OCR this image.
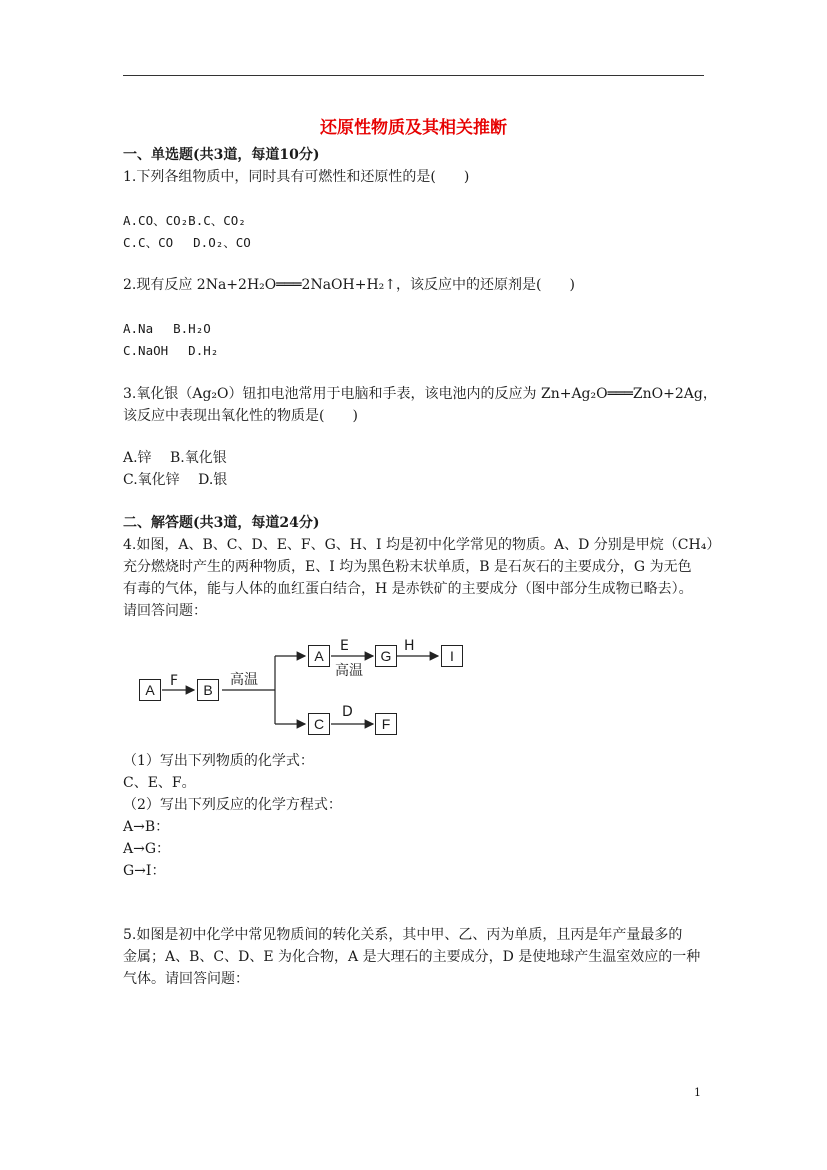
还原性物质及其相关推断
一、单选题(共3道，每道10分)
1.下列各组物质中，同时具有可燃性和还原性的是(　　)
A.CO、CO₂B.C、CO₂
C.C、CO　 D.O₂、CO
2.现有反应 2Na+2H₂O═══2NaOH+H₂↑，该反应中的还原剂是(　　)
A.Na　 B.H₂O
C.NaOH　 D.H₂
3.氧化银（Ag₂O）钮扣电池常用于电脑和手表，该电池内的反应为 Zn+Ag₂O═══ZnO+2Ag，
该反应中表现出氧化性的物质是(　　)
A.锌　 B.氧化银
C.氧化锌　 D.银
二、解答题(共3道，每道24分)
4.如图，A、B、C、D、E、F、G、H、I 均是初中化学常见的物质。A、D 分别是甲烷（CH₄）
充分燃烧时产生的两种物质，E、I 均为黑色粉末状单质，B 是石灰石的主要成分，G 为无色
有毒的气体，能与人体的血红蛋白结合，H 是赤铁矿的主要成分（图中部分生成物已略去）。
请回答问题：
A
F
B
高温
A
E
高温
G
H
I
C
D
F
（1）写出下列物质的化学式：
C、E、F。
（2）写出下列反应的化学方程式：
A→B：
A→G：
G→I：
5.如图是初中化学中常见物质间的转化关系，其中甲、乙、丙为单质，且丙是年产量最多的
金属；A、B、C、D、E 为化合物，A 是大理石的主要成分，D 是使地球产生温室效应的一种
气体。请回答问题：
1
